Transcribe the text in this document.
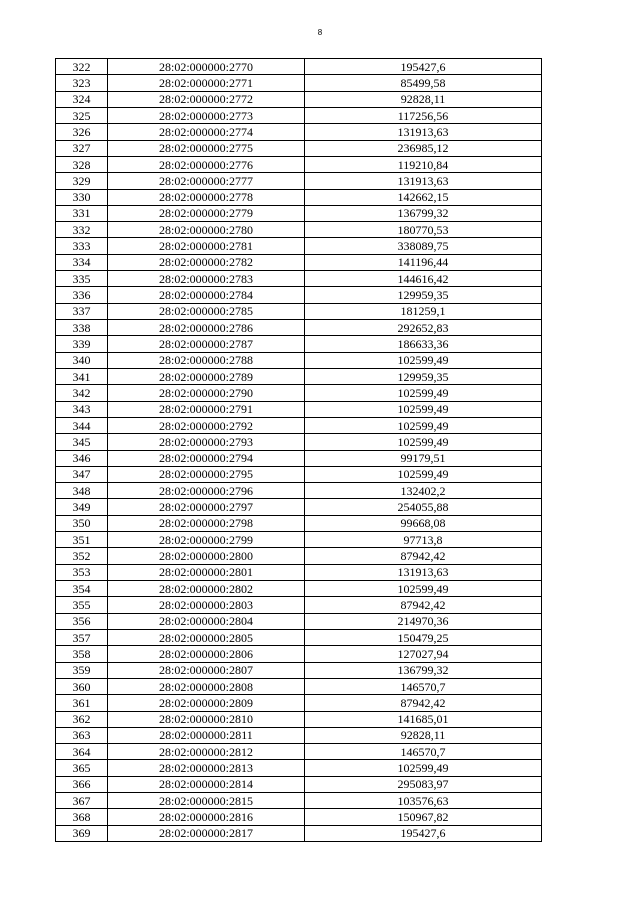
8
322	28:02:000000:2770	195427,6
323	28:02:000000:2771	85499,58
324	28:02:000000:2772	92828,11
325	28:02:000000:2773	117256,56
326	28:02:000000:2774	131913,63
327	28:02:000000:2775	236985,12
328	28:02:000000:2776	119210,84
329	28:02:000000:2777	131913,63
330	28:02:000000:2778	142662,15
331	28:02:000000:2779	136799,32
332	28:02:000000:2780	180770,53
333	28:02:000000:2781	338089,75
334	28:02:000000:2782	141196,44
335	28:02:000000:2783	144616,42
336	28:02:000000:2784	129959,35
337	28:02:000000:2785	181259,1
338	28:02:000000:2786	292652,83
339	28:02:000000:2787	186633,36
340	28:02:000000:2788	102599,49
341	28:02:000000:2789	129959,35
342	28:02:000000:2790	102599,49
343	28:02:000000:2791	102599,49
344	28:02:000000:2792	102599,49
345	28:02:000000:2793	102599,49
346	28:02:000000:2794	99179,51
347	28:02:000000:2795	102599,49
348	28:02:000000:2796	132402,2
349	28:02:000000:2797	254055,88
350	28:02:000000:2798	99668,08
351	28:02:000000:2799	97713,8
352	28:02:000000:2800	87942,42
353	28:02:000000:2801	131913,63
354	28:02:000000:2802	102599,49
355	28:02:000000:2803	87942,42
356	28:02:000000:2804	214970,36
357	28:02:000000:2805	150479,25
358	28:02:000000:2806	127027,94
359	28:02:000000:2807	136799,32
360	28:02:000000:2808	146570,7
361	28:02:000000:2809	87942,42
362	28:02:000000:2810	141685,01
363	28:02:000000:2811	92828,11
364	28:02:000000:2812	146570,7
365	28:02:000000:2813	102599,49
366	28:02:000000:2814	295083,97
367	28:02:000000:2815	103576,63
368	28:02:000000:2816	150967,82
369	28:02:000000:2817	195427,6
